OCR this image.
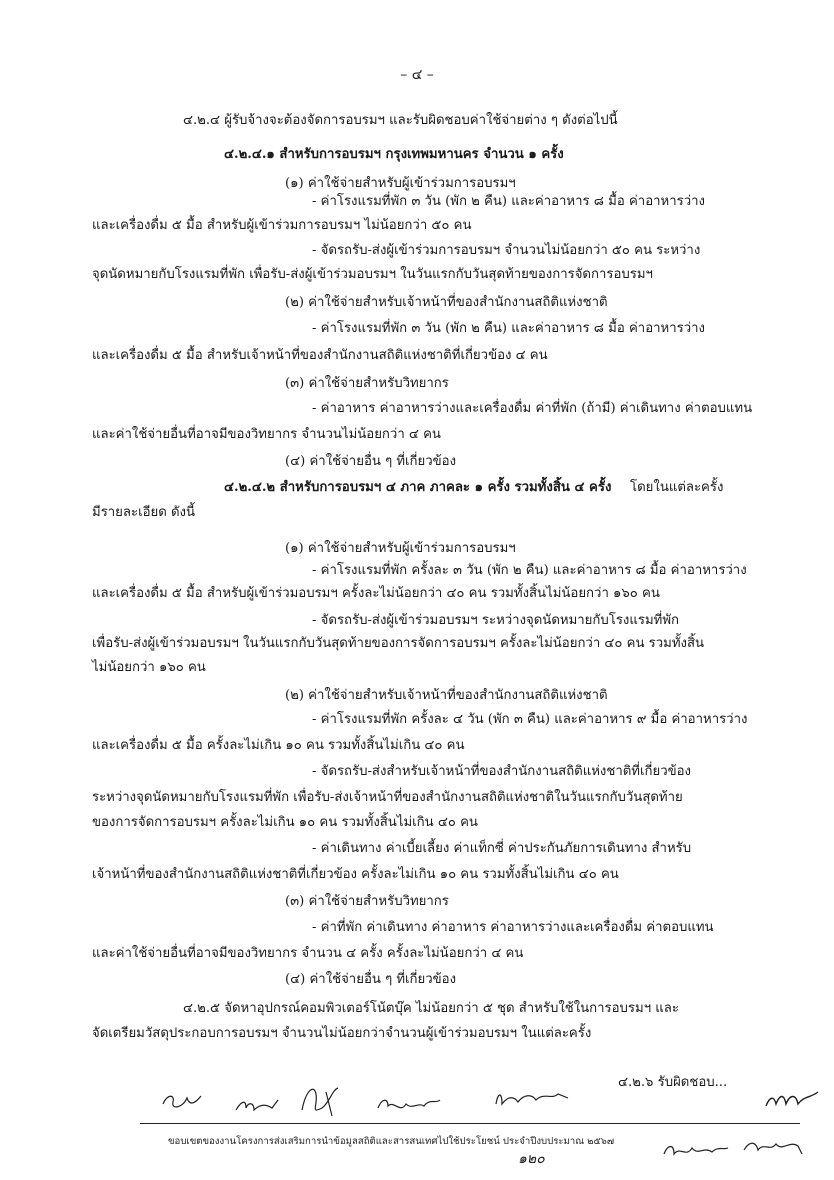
– ๔ –
๔.๒.๔ ผู้รับจ้างจะต้องจัดการอบรมฯ และรับผิดชอบค่าใช้จ่ายต่าง ๆ ดังต่อไปนี้
๔.๒.๔.๑ สำหรับการอบรมฯ กรุงเทพมหานคร จำนวน ๑ ครั้ง
(๑) ค่าใช้จ่ายสำหรับผู้เข้าร่วมการอบรมฯ
- ค่าโรงแรมที่พัก ๓ วัน (พัก ๒ คืน) และค่าอาหาร ๘ มื้อ ค่าอาหารว่าง
และเครื่องดื่ม ๕ มื้อ สำหรับผู้เข้าร่วมการอบรมฯ ไม่น้อยกว่า ๕๐ คน
- จัดรถรับ-ส่งผู้เข้าร่วมการอบรมฯ จำนวนไม่น้อยกว่า ๕๐ คน ระหว่าง
จุดนัดหมายกับโรงแรมที่พัก เพื่อรับ-ส่งผู้เข้าร่วมอบรมฯ ในวันแรกกับวันสุดท้ายของการจัดการอบรมฯ
(๒) ค่าใช้จ่ายสำหรับเจ้าหน้าที่ของสำนักงานสถิติแห่งชาติ
- ค่าโรงแรมที่พัก ๓ วัน (พัก ๒ คืน) และค่าอาหาร ๘ มื้อ ค่าอาหารว่าง
และเครื่องดื่ม ๕ มื้อ สำหรับเจ้าหน้าที่ของสำนักงานสถิติแห่งชาติที่เกี่ยวข้อง ๔ คน
(๓) ค่าใช้จ่ายสำหรับวิทยากร
- ค่าอาหาร ค่าอาหารว่างและเครื่องดื่ม ค่าที่พัก (ถ้ามี) ค่าเดินทาง ค่าตอบแทน
และค่าใช้จ่ายอื่นที่อาจมีของวิทยากร จำนวนไม่น้อยกว่า ๔ คน
(๔) ค่าใช้จ่ายอื่น ๆ ที่เกี่ยวข้อง
๔.๒.๔.๒ สำหรับการอบรมฯ ๔ ภาค ภาคละ ๑ ครั้ง รวมทั้งสิ้น ๔ ครั้ง โดยในแต่ละครั้ง
มีรายละเอียด ดังนี้
(๑) ค่าใช้จ่ายสำหรับผู้เข้าร่วมการอบรมฯ
- ค่าโรงแรมที่พัก ครั้งละ ๓ วัน (พัก ๒ คืน) และค่าอาหาร ๘ มื้อ ค่าอาหารว่าง
และเครื่องดื่ม ๕ มื้อ สำหรับผู้เข้าร่วมอบรมฯ ครั้งละไม่น้อยกว่า ๔๐ คน รวมทั้งสิ้นไม่น้อยกว่า ๑๖๐ คน
- จัดรถรับ-ส่งผู้เข้าร่วมอบรมฯ ระหว่างจุดนัดหมายกับโรงแรมที่พัก
เพื่อรับ-ส่งผู้เข้าร่วมอบรมฯ ในวันแรกกับวันสุดท้ายของการจัดการอบรมฯ ครั้งละไม่น้อยกว่า ๔๐ คน รวมทั้งสิ้น
ไม่น้อยกว่า ๑๖๐ คน
(๒) ค่าใช้จ่ายสำหรับเจ้าหน้าที่ของสำนักงานสถิติแห่งชาติ
- ค่าโรงแรมที่พัก ครั้งละ ๔ วัน (พัก ๓ คืน) และค่าอาหาร ๙ มื้อ ค่าอาหารว่าง
และเครื่องดื่ม ๕ มื้อ ครั้งละไม่เกิน ๑๐ คน รวมทั้งสิ้นไม่เกิน ๔๐ คน
- จัดรถรับ-ส่งสำหรับเจ้าหน้าที่ของสำนักงานสถิติแห่งชาติที่เกี่ยวข้อง
ระหว่างจุดนัดหมายกับโรงแรมที่พัก เพื่อรับ-ส่งเจ้าหน้าที่ของสำนักงานสถิติแห่งชาติในวันแรกกับวันสุดท้าย
ของการจัดการอบรมฯ ครั้งละไม่เกิน ๑๐ คน รวมทั้งสิ้นไม่เกิน ๔๐ คน
- ค่าเดินทาง ค่าเบี้ยเลี้ยง ค่าแท็กซี่ ค่าประกันภัยการเดินทาง สำหรับ
เจ้าหน้าที่ของสำนักงานสถิติแห่งชาติที่เกี่ยวข้อง ครั้งละไม่เกิน ๑๐ คน รวมทั้งสิ้นไม่เกิน ๔๐ คน
(๓) ค่าใช้จ่ายสำหรับวิทยากร
- ค่าที่พัก ค่าเดินทาง ค่าอาหาร ค่าอาหารว่างและเครื่องดื่ม ค่าตอบแทน
และค่าใช้จ่ายอื่นที่อาจมีของวิทยากร จำนวน ๔ ครั้ง ครั้งละไม่น้อยกว่า ๔ คน
(๔) ค่าใช้จ่ายอื่น ๆ ที่เกี่ยวข้อง
๔.๒.๕ จัดหาอุปกรณ์คอมพิวเตอร์โน้ตบุ๊ค ไม่น้อยกว่า ๕ ชุด สำหรับใช้ในการอบรมฯ และ
จัดเตรียมวัสดุประกอบการอบรมฯ จำนวนไม่น้อยกว่าจำนวนผู้เข้าร่วมอบรมฯ ในแต่ละครั้ง
๔.๒.๖ รับผิดชอบ...
ขอบเขตของงานโครงการส่งเสริมการนำข้อมูลสถิติและสารสนเทศไปใช้ประโยชน์ ประจำปีงบประมาณ ๒๕๖๗
๑๒๐
